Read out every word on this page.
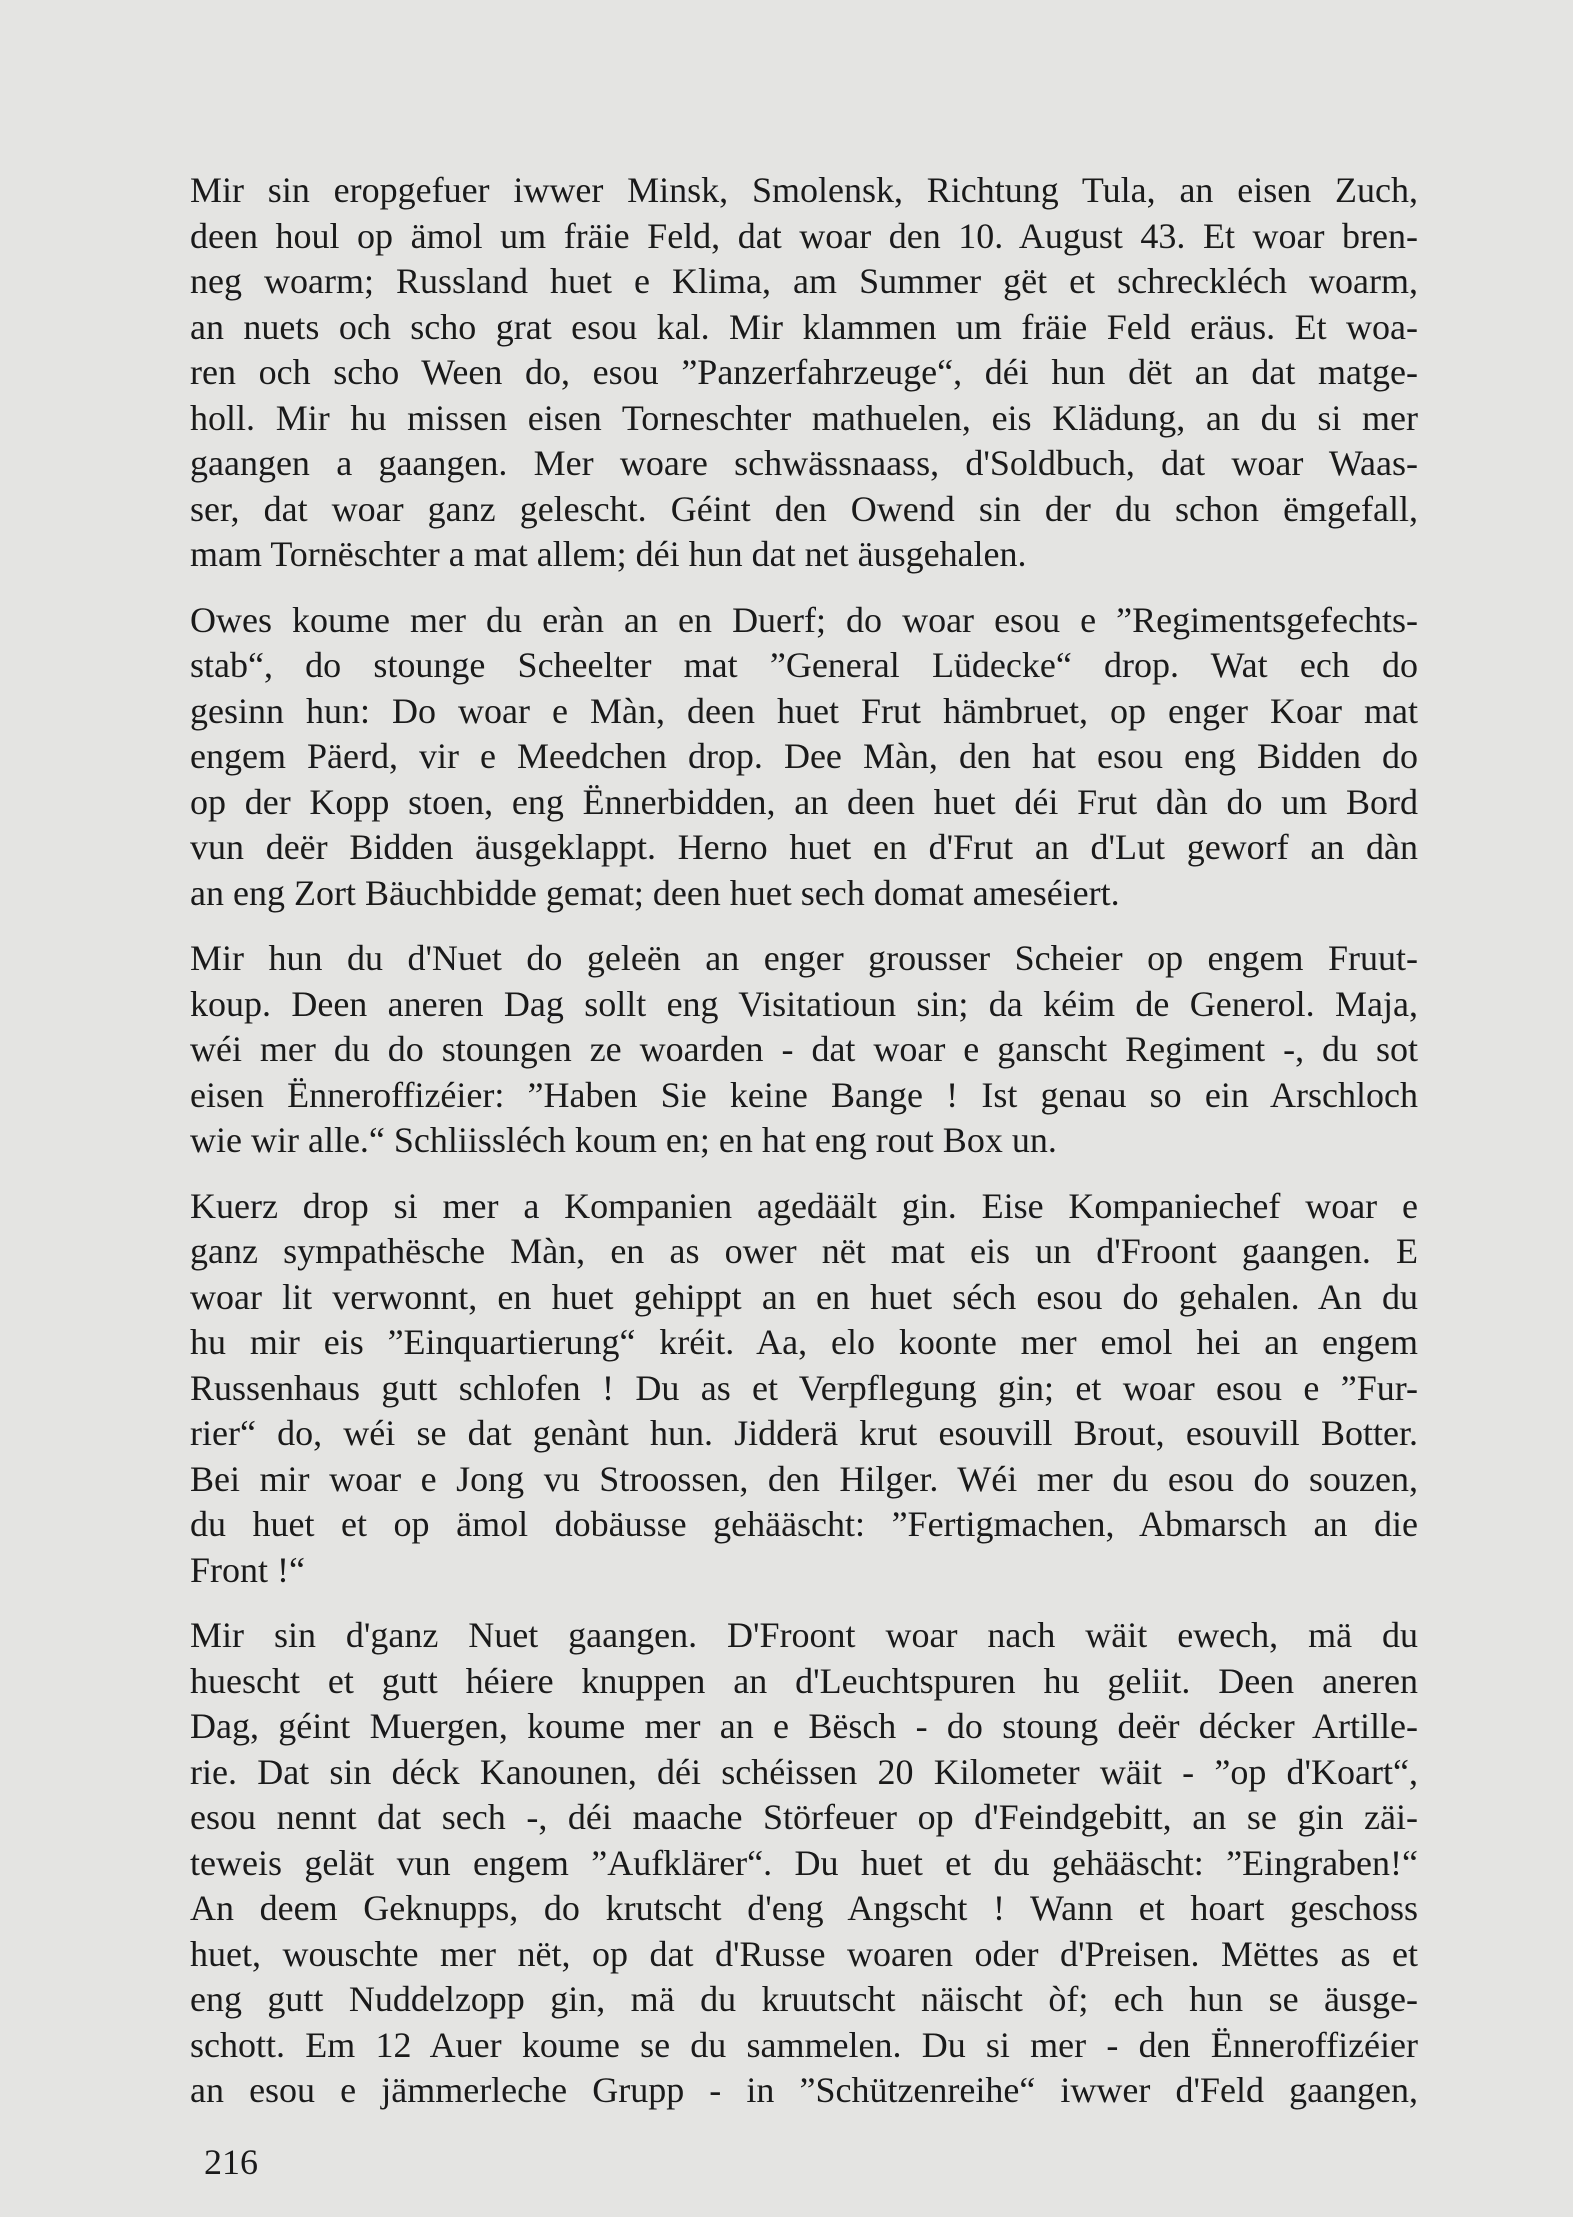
Mir sin eropgefuer iwwer Minsk, Smolensk, Richtung Tula, an eisen Zuch,
deen houl op ämol um fräie Feld, dat woar den 10. August 43. Et woar bren-
neg woarm; Russland huet e Klima, am Summer gët et schreckléch woarm,
an nuets och scho grat esou kal. Mir klammen um fräie Feld eräus. Et woa-
ren och scho Ween do, esou ”Panzerfahrzeuge“, déi hun dët an dat matge-
holl. Mir hu missen eisen Torneschter mathuelen, eis Klädung, an du si mer
gaangen a gaangen. Mer woare schwässnaass, d'Soldbuch, dat woar Waas-
ser, dat woar ganz gelescht. Géint den Owend sin der du schon ëmgefall,
mam Tornëschter a mat allem; déi hun dat net äusgehalen.
Owes koume mer du eràn an en Duerf; do woar esou e ”Regimentsgefechts-
stab“, do stounge Scheelter mat ”General Lüdecke“ drop. Wat ech do
gesinn hun: Do woar e Màn, deen huet Frut hämbruet, op enger Koar mat
engem Päerd, vir e Meedchen drop. Dee Màn, den hat esou eng Bidden do
op der Kopp stoen, eng Ënnerbidden, an deen huet déi Frut dàn do um Bord
vun deër Bidden äusgeklappt. Herno huet en d'Frut an d'Lut geworf an dàn
an eng Zort Bäuchbidde gemat; deen huet sech domat ameséiert.
Mir hun du d'Nuet do geleën an enger grousser Scheier op engem Fruut-
koup. Deen aneren Dag sollt eng Visitatioun sin; da kéim de Generol. Maja,
wéi mer du do stoungen ze woarden - dat woar e ganscht Regiment -, du sot
eisen Ënneroffizéier: ”Haben Sie keine Bange ! Ist genau so ein Arschloch
wie wir alle.“ Schliissléch koum en; en hat eng rout Box un.
Kuerz drop si mer a Kompanien agedäält gin. Eise Kompaniechef woar e
ganz sympathësche Màn, en as ower nët mat eis un d'Froont gaangen. E
woar lit verwonnt, en huet gehippt an en huet séch esou do gehalen. An du
hu mir eis ”Einquartierung“ kréit. Aa, elo koonte mer emol hei an engem
Russenhaus gutt schlofen ! Du as et Verpflegung gin; et woar esou e ”Fur-
rier“ do, wéi se dat genànt hun. Jidderä krut esouvill Brout, esouvill Botter.
Bei mir woar e Jong vu Stroossen, den Hilger. Wéi mer du esou do souzen,
du huet et op ämol dobäusse gehääscht: ”Fertigmachen, Abmarsch an die
Front !“
Mir sin d'ganz Nuet gaangen. D'Froont woar nach wäit ewech, mä du
huescht et gutt héiere knuppen an d'Leuchtspuren hu geliit. Deen aneren
Dag, géint Muergen, koume mer an e Bësch - do stoung deër décker Artille-
rie. Dat sin déck Kanounen, déi schéissen 20 Kilometer wäit - ”op d'Koart“,
esou nennt dat sech -, déi maache Störfeuer op d'Feindgebitt, an se gin zäi-
teweis gelät vun engem ”Aufklärer“. Du huet et du gehääscht: ”Eingraben!“
An deem Geknupps, do krutscht d'eng Angscht ! Wann et hoart geschoss
huet, wouschte mer nët, op dat d'Russe woaren oder d'Preisen. Mëttes as et
eng gutt Nuddelzopp gin, mä du kruutscht näischt òf; ech hun se äusge-
schott. Em 12 Auer koume se du sammelen. Du si mer - den Ënneroffizéier
an esou e jämmerleche Grupp - in ”Schützenreihe“ iwwer d'Feld gaangen,
216
